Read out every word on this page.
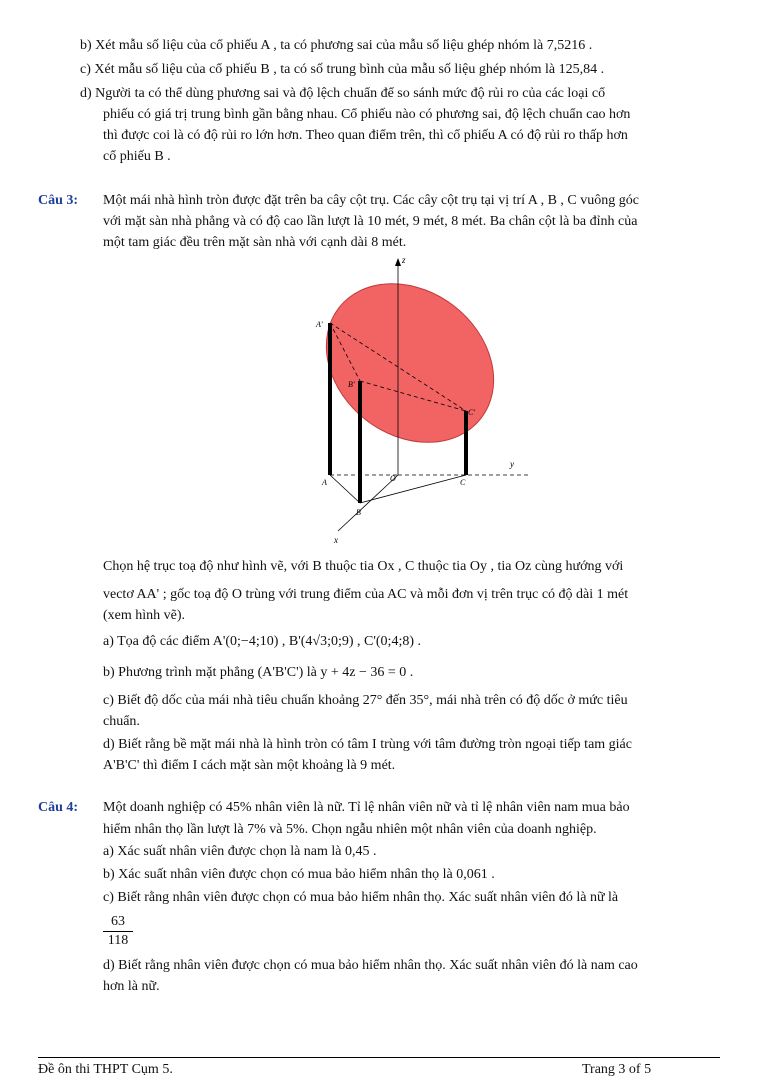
b) Xét mẫu số liệu của cổ phiếu A , ta có phương sai của mẫu số liệu ghép nhóm là 7,5216 .
c) Xét mẫu số liệu của cổ phiếu B , ta có số trung bình của mẫu số liệu ghép nhóm là 125,84 .
d) Người ta có thể dùng phương sai và độ lệch chuẩn để so sánh mức độ rủi ro của các loại cổ
phiếu có giá trị trung bình gần bằng nhau. Cổ phiếu nào có phương sai, độ lệch chuẩn cao hơn
thì được coi là có độ rủi ro lớn hơn. Theo quan điểm trên, thì cổ phiếu A có độ rủi ro thấp hơn
cổ phiếu B .
Câu 3: Một mái nhà hình tròn được đặt trên ba cây cột trụ. Các cây cột trụ tại vị trí A , B , C vuông góc
với mặt sàn nhà phẳng và có độ cao lần lượt là 10 mét, 9 mét, 8 mét. Ba chân cột là ba đỉnh của
một tam giác đều trên mặt sàn nhà với cạnh dài 8 mét.
z
y
x
O
A
B
C
A'
B'
C'
Chọn hệ trục toạ độ như hình vẽ, với B thuộc tia Ox , C thuộc tia Oy , tia Oz cùng hướng với
vectơ AA' ; gốc toạ độ O trùng với trung điểm của AC và mỗi đơn vị trên trục có độ dài 1 mét
(xem hình vẽ).
a) Tọa độ các điểm A'(0;−4;10) , B'(4√3;0;9) , C'(0;4;8) .
b) Phương trình mặt phẳng (A'B'C') là y + 4z − 36 = 0 .
c) Biết độ dốc của mái nhà tiêu chuẩn khoảng 27° đến 35°, mái nhà trên có độ dốc ở mức tiêu
chuẩn.
d) Biết rằng bề mặt mái nhà là hình tròn có tâm I trùng với tâm đường tròn ngoại tiếp tam giác
A'B'C' thì điểm I cách mặt sàn một khoảng là 9 mét.
Câu 4: Một doanh nghiệp có 45% nhân viên là nữ. Tỉ lệ nhân viên nữ và tỉ lệ nhân viên nam mua bảo
hiểm nhân thọ lần lượt là 7% và 5%. Chọn ngẫu nhiên một nhân viên của doanh nghiệp.
a) Xác suất nhân viên được chọn là nam là 0,45 .
b) Xác suất nhân viên được chọn có mua bảo hiểm nhân thọ là 0,061 .
c) Biết rằng nhân viên được chọn có mua bảo hiểm nhân thọ. Xác suất nhân viên đó là nữ là
$\frac{63}{118}$
d) Biết rằng nhân viên được chọn có mua bảo hiểm nhân thọ. Xác suất nhân viên đó là nam cao
hơn là nữ.
Đề ôn thi THPT Cụm 5.	Trang 3 of 5
